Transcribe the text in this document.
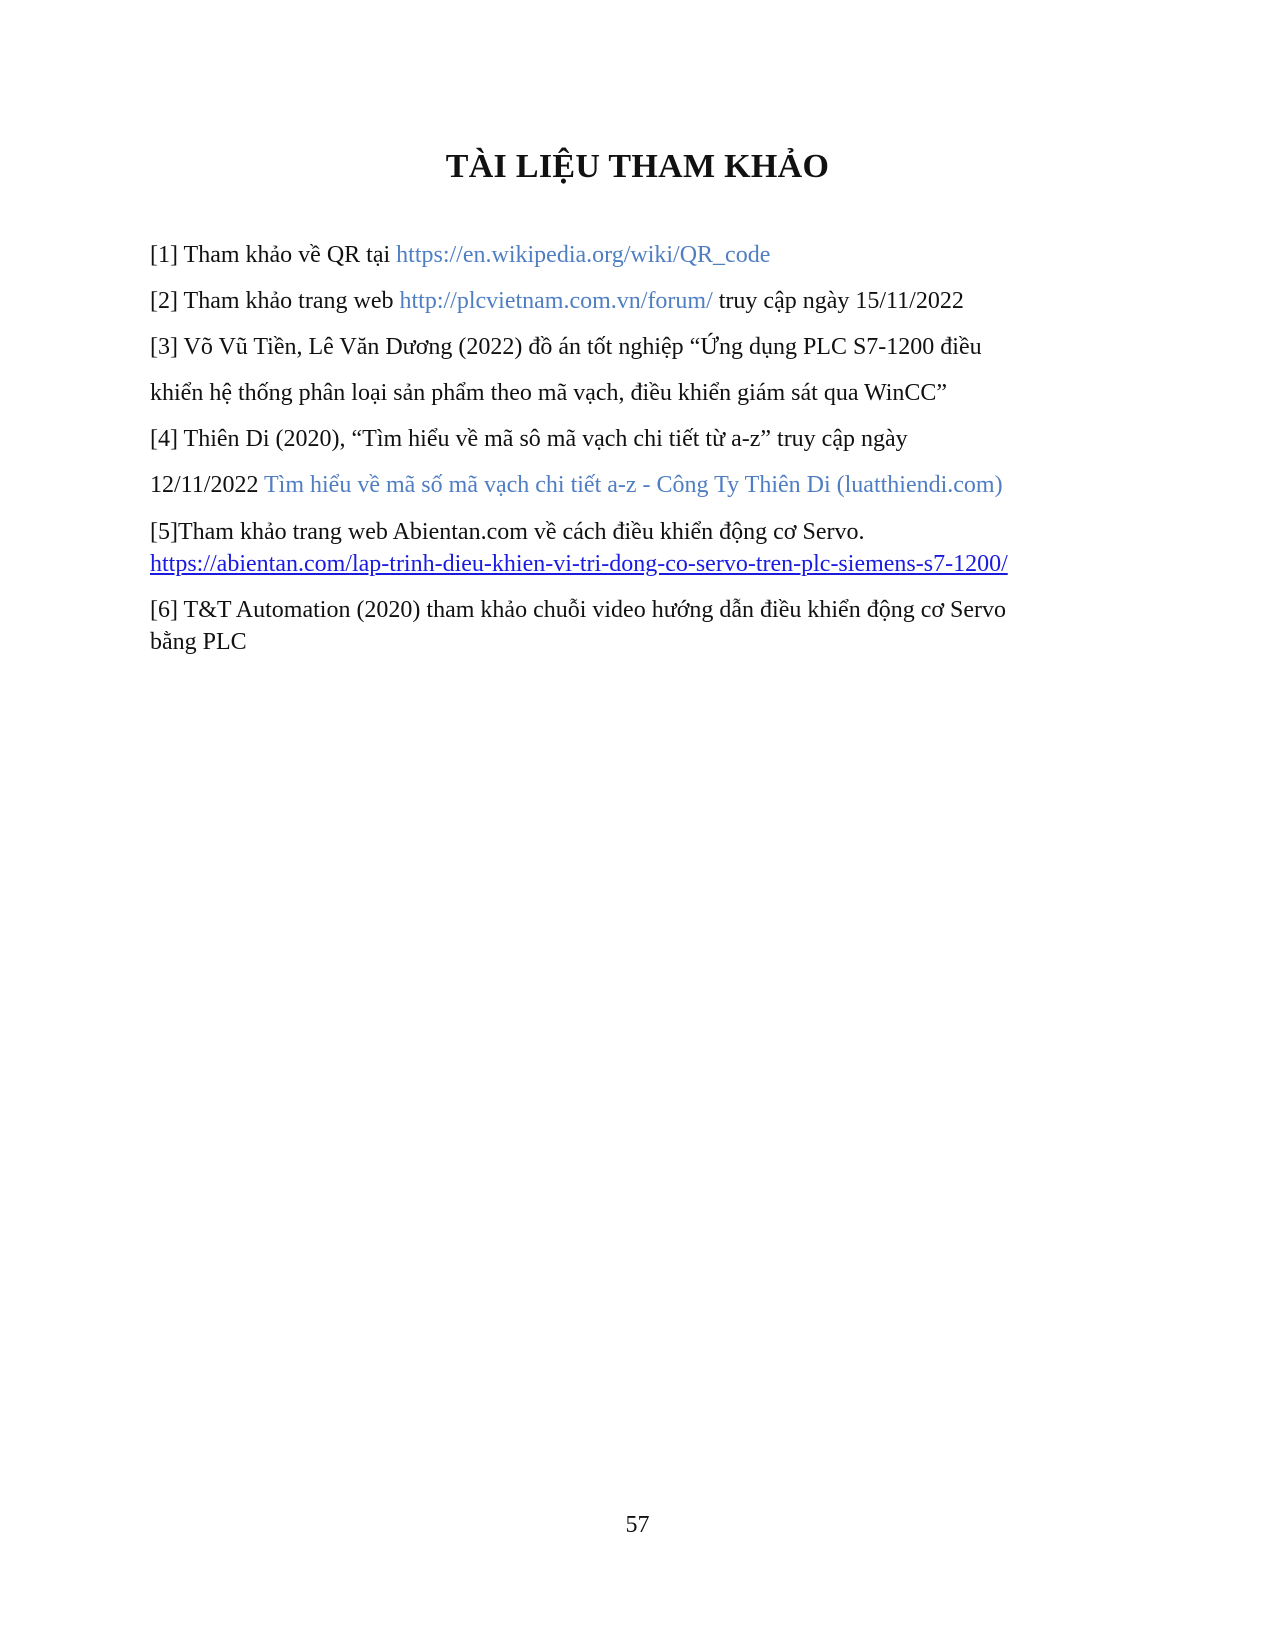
TÀI LIỆU THAM KHẢO

[1] Tham khảo về QR tại https://en.wikipedia.org/wiki/QR_code

[2] Tham khảo trang web http://plcvietnam.com.vn/forum/ truy cập ngày 15/11/2022

[3] Võ Vũ Tiền, Lê Văn Dương (2022) đồ án tốt nghiệp “Ứng dụng PLC S7-1200 điều
khiển hệ thống phân loại sản phẩm theo mã vạch, điều khiển giám sát qua WinCC”

[4] Thiên Di (2020), “Tìm hiểu về mã sô mã vạch chi tiết từ a-z” truy cập ngày
12/11/2022 Tìm hiểu về mã số mã vạch chi tiết a-z - Công Ty Thiên Di (luatthiendi.com)

[5]Tham khảo trang web Abientan.com về cách điều khiển động cơ Servo.
https://abientan.com/lap-trinh-dieu-khien-vi-tri-dong-co-servo-tren-plc-siemens-s7-1200/

[6] T&T Automation (2020) tham khảo chuỗi video hướng dẫn điều khiển động cơ Servo
bằng PLC

57
